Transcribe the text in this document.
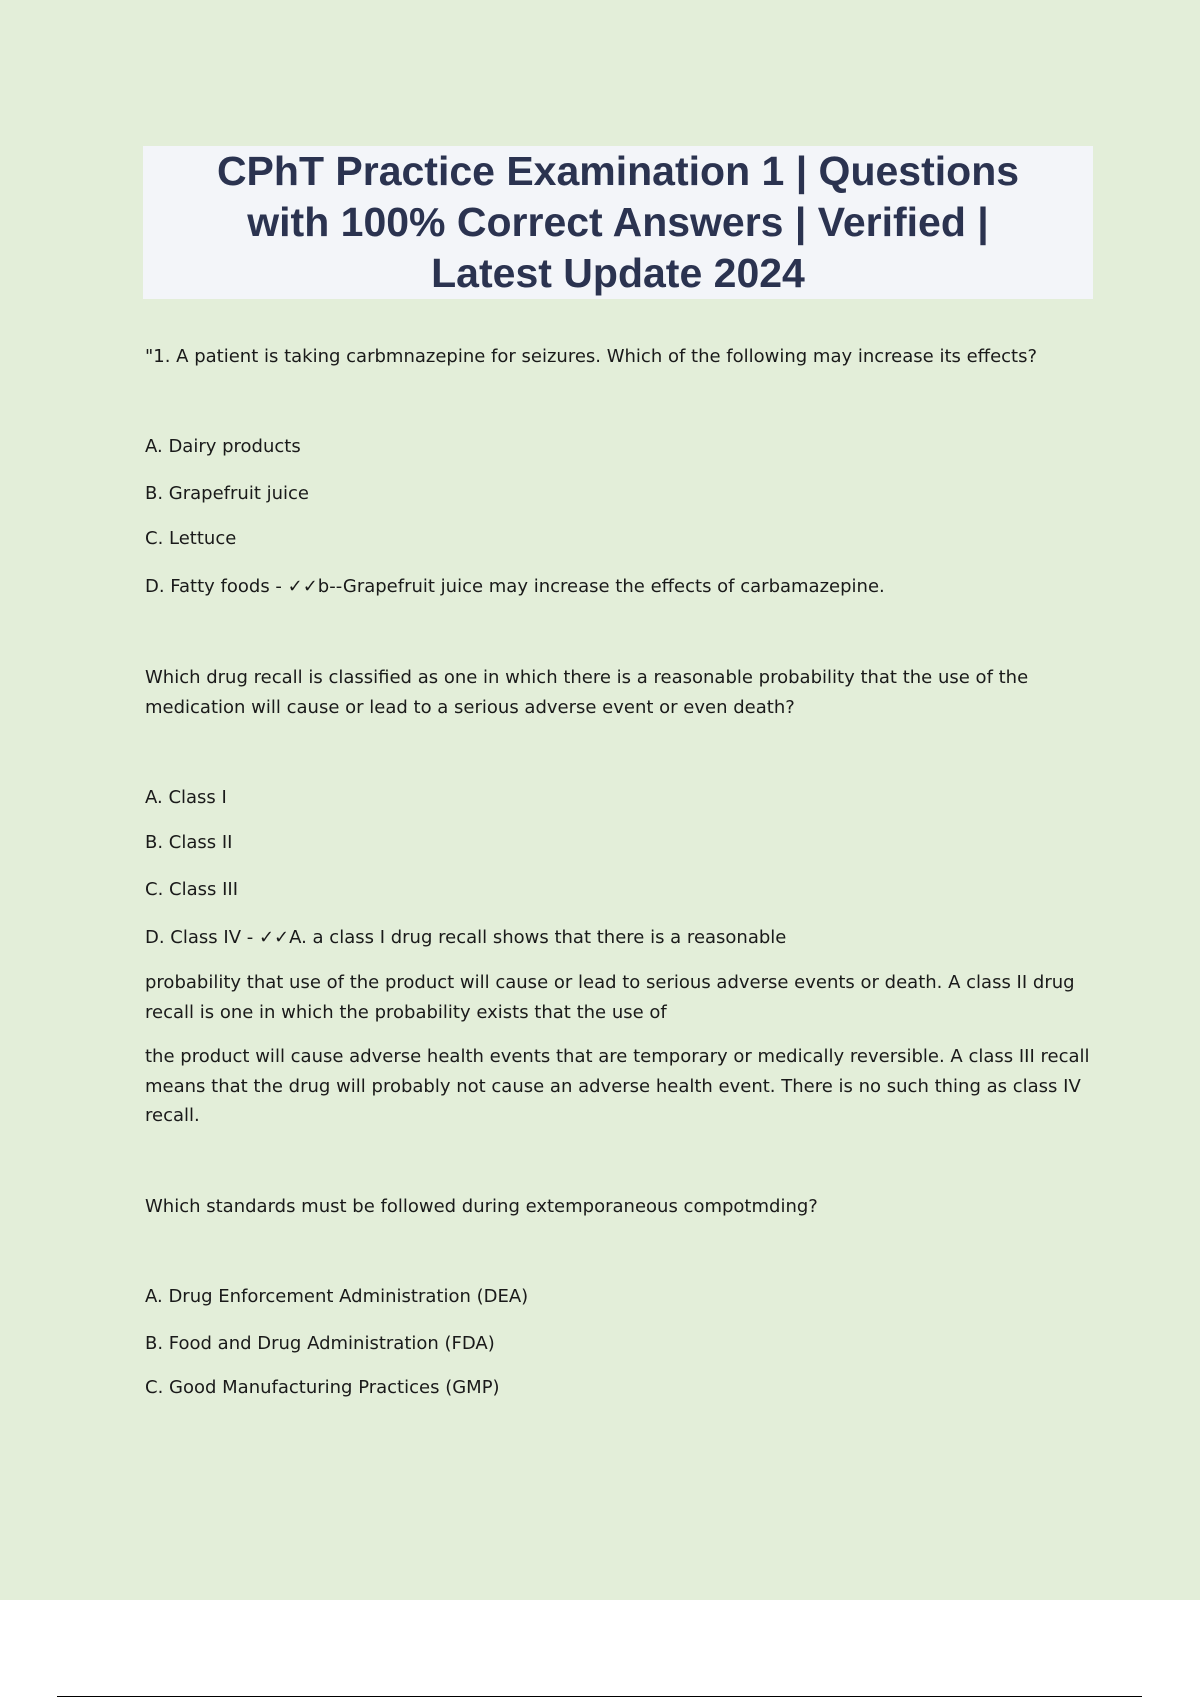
CPhT Practice Examination 1 | Questions
with 100% Correct Answers | Verified |
Latest Update 2024
"1. A patient is taking carbmnazepine for seizures. Which of the following may increase its effects?
A. Dairy products
B. Grapefruit juice
C. Lettuce
D. Fatty foods - ✓✓b--Grapefruit juice may increase the effects of carbamazepine.
Which drug recall is classified as one in which there is a reasonable probability that the use of the
medication will cause or lead to a serious adverse event or even death?
A. Class I
B. Class II
C. Class III
D. Class IV - ✓✓A. a class I drug recall shows that there is a reasonable
probability that use of the product will cause or lead to serious adverse events or death. A class II drug
recall is one in which the probability exists that the use of
the product will cause adverse health events that are temporary or medically reversible. A class III recall
means that the drug will probably not cause an adverse health event. There is no such thing as class IV
recall.
Which standards must be followed during extemporaneous compotmding?
A. Drug Enforcement Administration (DEA)
B. Food and Drug Administration (FDA)
C. Good Manufacturing Practices (GMP)
